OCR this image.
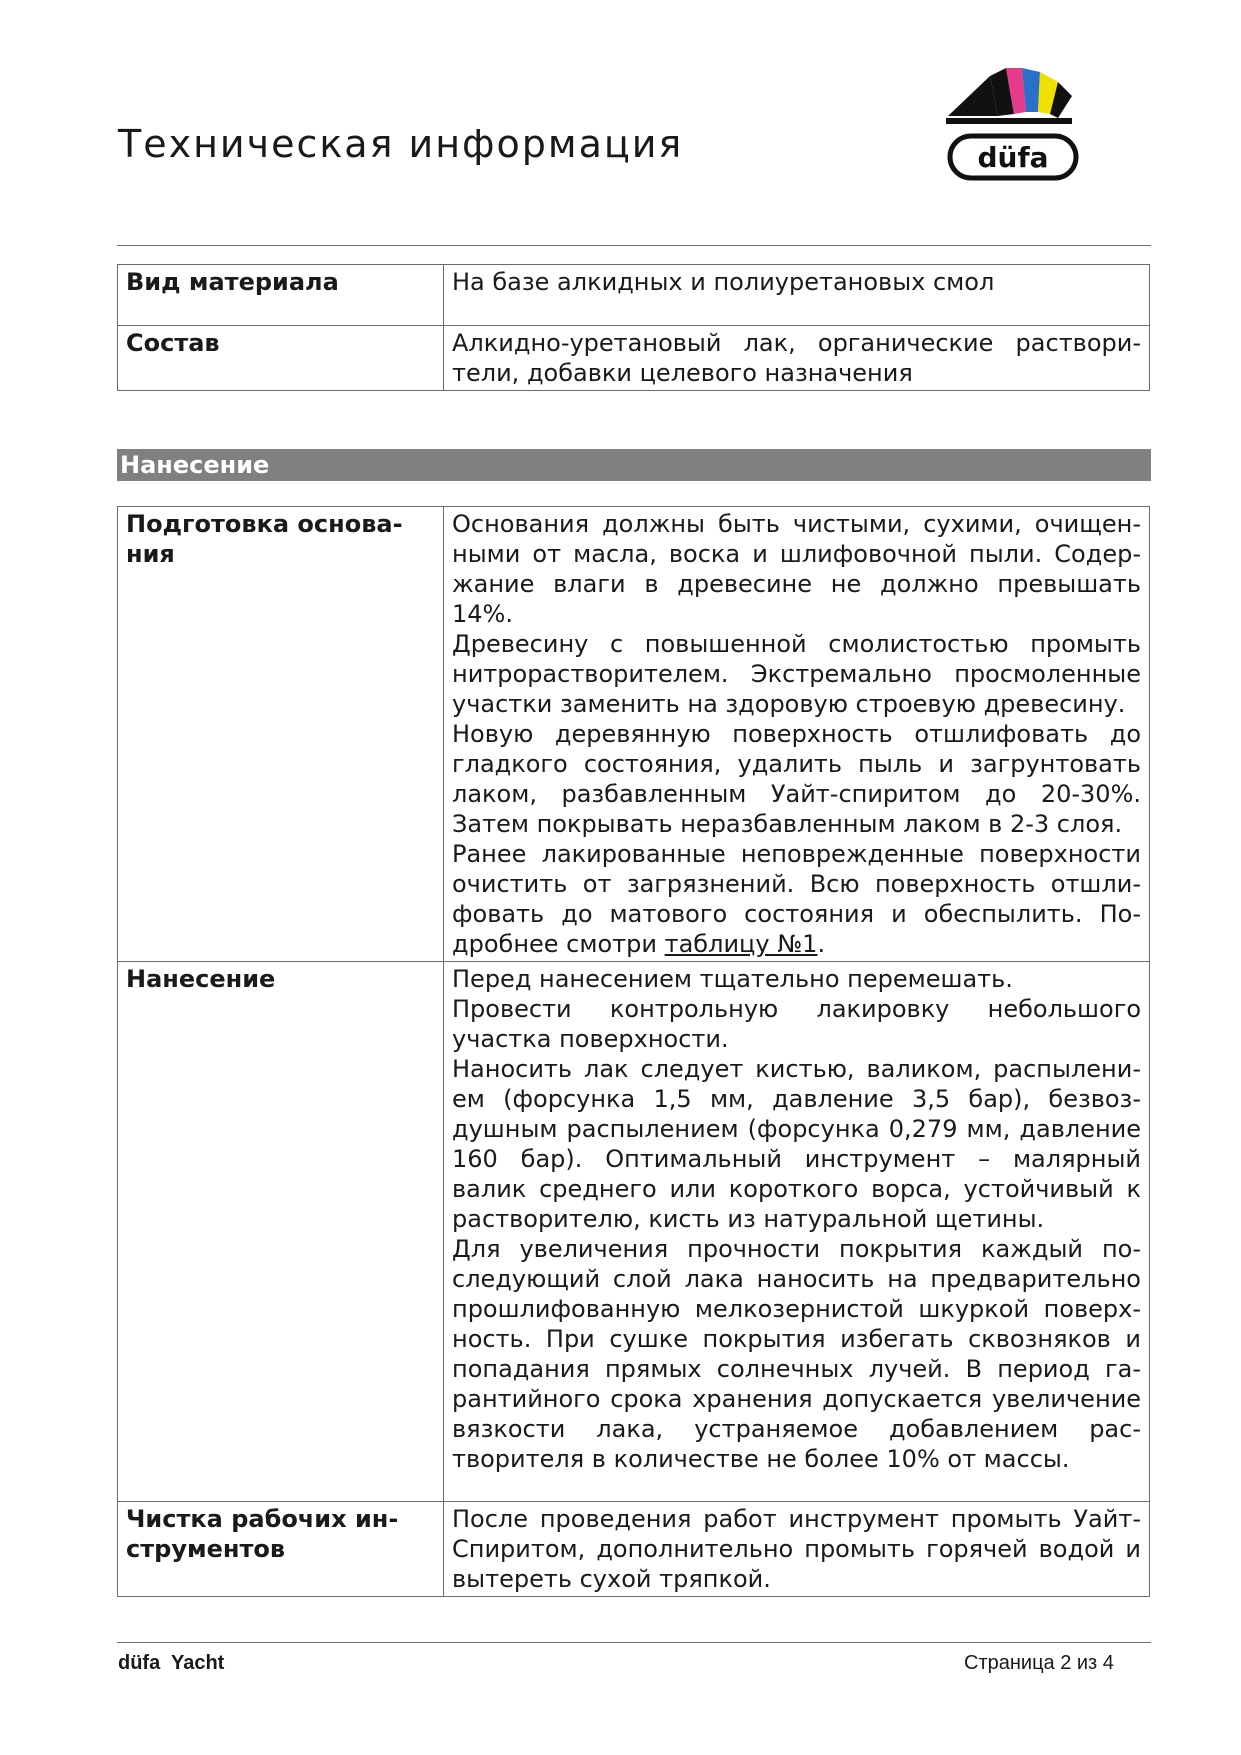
Техническая информация	düfa
Вид материала	На базе алкидных и полиуретановых смол
Состав	Алкидно-уретановый лак, органические растворители, добавки целевого назначения
Нанесение
Подготовка основания	Основания должны быть чистыми, сухими, очищенными от масла, воска и шлифовочной пыли. Содержание влаги в древесине не должно превышать 14%.
Древесину с повышенной смолистостью промыть нитрорастворителем. Экстремально просмоленные участки заменить на здоровую строевую древесину.
Новую деревянную поверхность отшлифовать до гладкого состояния, удалить пыль и загрунтовать лаком, разбавленным Уайт-спиритом до 20-30%. Затем покрывать неразбавленным лаком в 2-3 слоя.
Ранее лакированные неповрежденные поверхности очистить от загрязнений. Всю поверхность отшлифовать до матового состояния и обеспылить. Подробнее смотри таблицу №1.

Нанесение	Перед нанесением тщательно перемешать.
Провести контрольную лакировку небольшого участка поверхности.
Наносить лак следует кистью, валиком, распылением (форсунка 1,5 мм, давление 3,5 бар), безвоздушным распылением (форсунка 0,279 мм, давление 160 бар). Оптимальный инструмент – малярный валик среднего или короткого ворса, устойчивый к растворителю, кисть из натуральной щетины.
Для увеличения прочности покрытия каждый последующий слой лака наносить на предварительно прошлифованную мелкозернистой шкуркой поверхность. При сушке покрытия избегать сквозняков и попадания прямых солнечных лучей. В период гарантийного срока хранения допускается увеличение вязкости лака, устраняемое добавлением растворителя в количестве не более 10% от массы.

Чистка рабочих инструментов	После проведения работ инструмент промыть Уайт-Спиритом, дополнительно промыть горячей водой и вытереть сухой тряпкой.
düfa  Yacht	Страница 2 из 4
